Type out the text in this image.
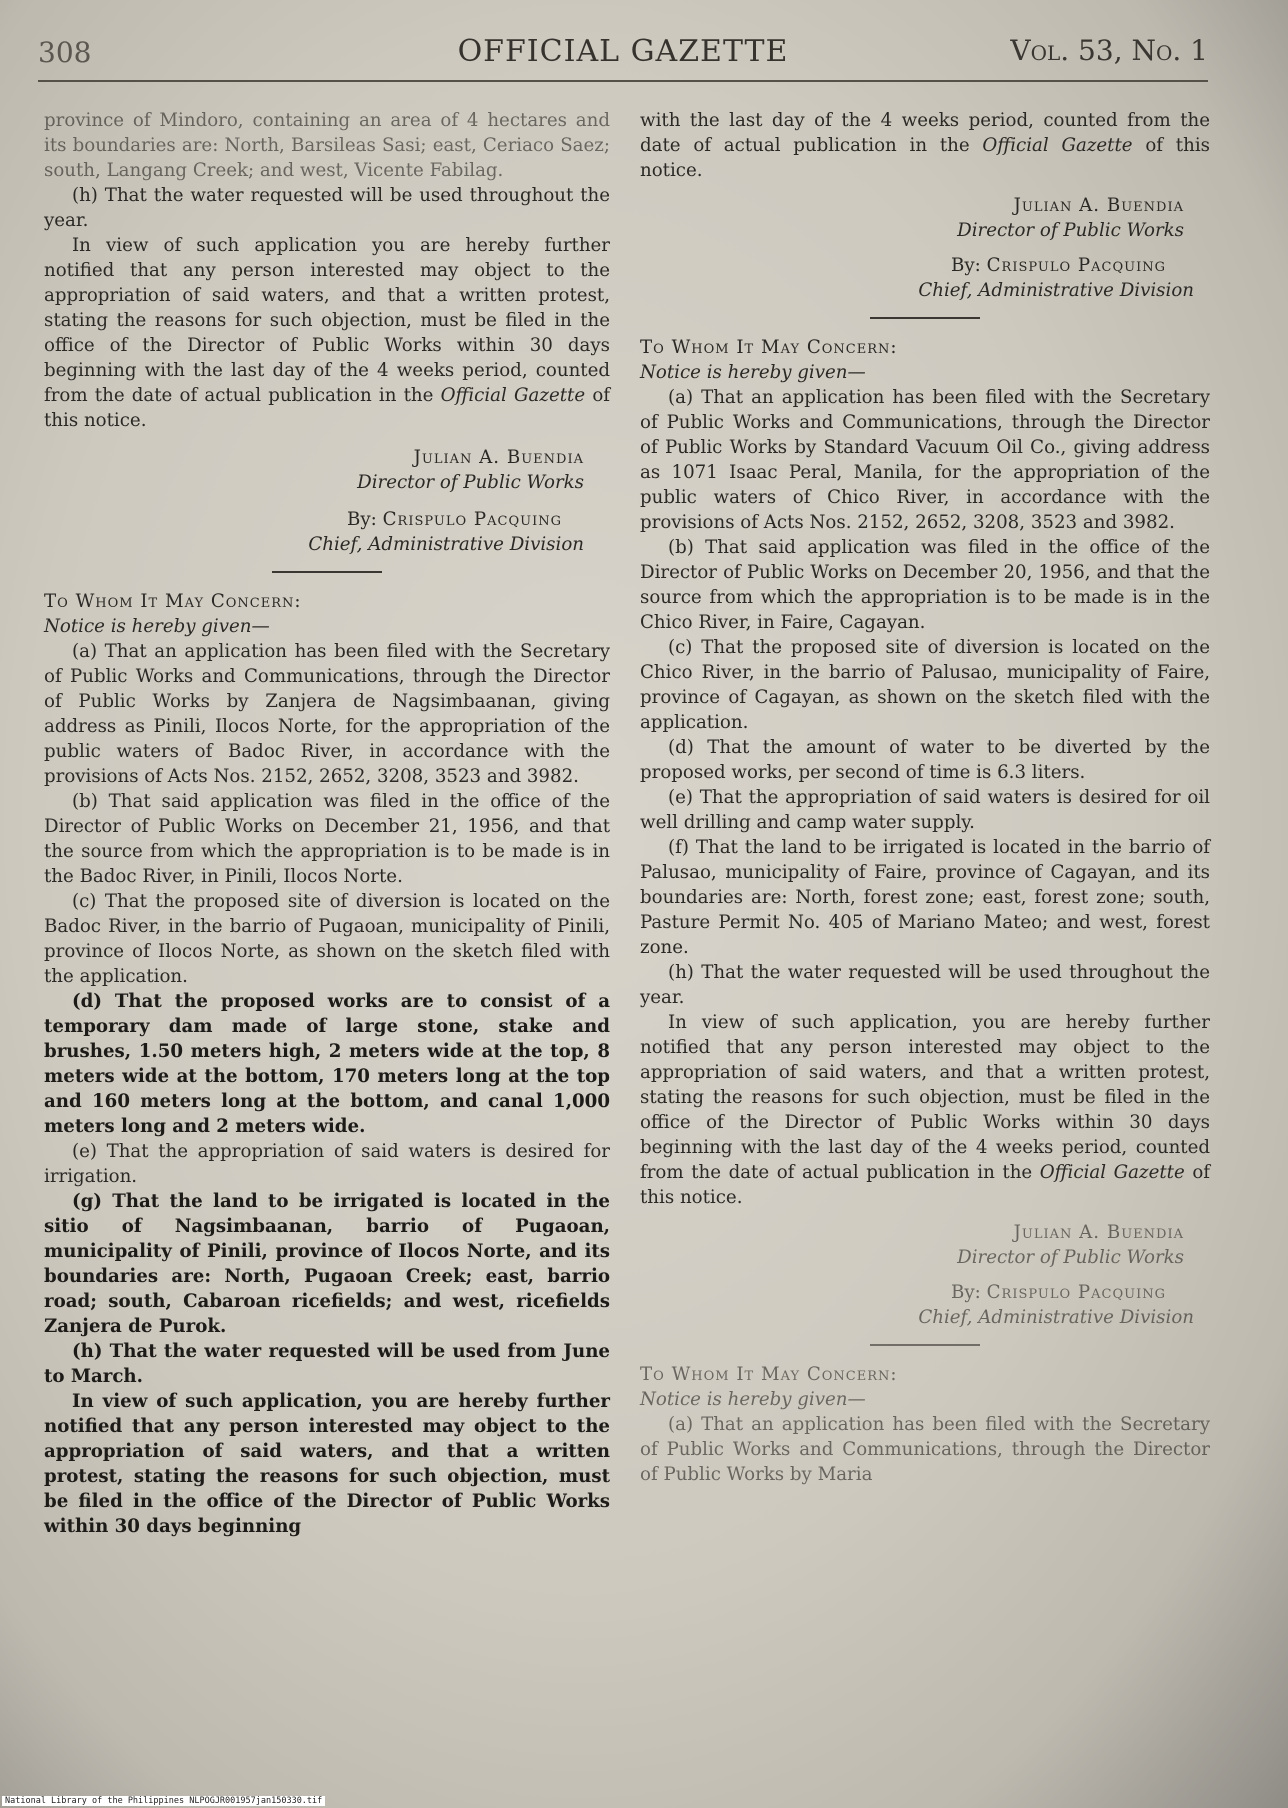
308	OFFICIAL GAZETTE	Vol. 53, No. 1

province of Mindoro, containing an area of 4 hectares and its boundaries are: North, Barsileas Sasi; east, Ceriaco Saez; south, Langang Creek; and west, Vicente Fabilag.

(h) That the water requested will be used throughout the year.

In view of such application you are hereby further notified that any person interested may object to the appropriation of said waters, and that a written protest, stating the reasons for such objection, must be filed in the office of the Director of Public Works within 30 days beginning with the last day of the 4 weeks period, counted from the date of actual publication in the Official Gazette of this notice.

Julian A. Buendia

Director of Public Works

By: Crispulo Pacquing

Chief, Administrative Division

To Whom It May Concern:

Notice is hereby given—

(a) That an application has been filed with the Secretary of Public Works and Communications, through the Director of Public Works by Zanjera de Nagsimbaanan, giving address as Pinili, Ilocos Norte, for the appropriation of the public waters of Badoc River, in accordance with the provisions of Acts Nos. 2152, 2652, 3208, 3523 and 3982.

(b) That said application was filed in the office of the Director of Public Works on December 21, 1956, and that the source from which the appropriation is to be made is in the Badoc River, in Pinili, Ilocos Norte.

(c) That the proposed site of diversion is located on the Badoc River, in the barrio of Pugaoan, municipality of Pinili, province of Ilocos Norte, as shown on the sketch filed with the application.

(d) That the proposed works are to consist of a temporary dam made of large stone, stake and brushes, 1.50 meters high, 2 meters wide at the top, 8 meters wide at the bottom, 170 meters long at the top and 160 meters long at the bottom, and canal 1,000 meters long and 2 meters wide.

(e) That the appropriation of said waters is desired for irrigation.

(g) That the land to be irrigated is located in the sitio of Nagsimbaanan, barrio of Pugaoan, municipality of Pinili, province of Ilocos Norte, and its boundaries are: North, Pugaoan Creek; east, barrio road; south, Cabaroan ricefields; and west, ricefields Zanjera de Purok.

(h) That the water requested will be used from June to March.

In view of such application, you are hereby further notified that any person interested may object to the appropriation of said waters, and that a written protest, stating the reasons for such objection, must be filed in the office of the Director of Public Works within 30 days beginning

with the last day of the 4 weeks period, counted from the date of actual publication in the Official Gazette of this notice.

Julian A. Buendia

Director of Public Works

By: Crispulo Pacquing

Chief, Administrative Division

To Whom It May Concern:

Notice is hereby given—

(a) That an application has been filed with the Secretary of Public Works and Communications, through the Director of Public Works by Standard Vacuum Oil Co., giving address as 1071 Isaac Peral, Manila, for the appropriation of the public waters of Chico River, in accordance with the provisions of Acts Nos. 2152, 2652, 3208, 3523 and 3982.

(b) That said application was filed in the office of the Director of Public Works on December 20, 1956, and that the source from which the appropriation is to be made is in the Chico River, in Faire, Cagayan.

(c) That the proposed site of diversion is located on the Chico River, in the barrio of Palusao, municipality of Faire, province of Cagayan, as shown on the sketch filed with the application.

(d) That the amount of water to be diverted by the proposed works, per second of time is 6.3 liters.

(e) That the appropriation of said waters is desired for oil well drilling and camp water supply.

(f) That the land to be irrigated is located in the barrio of Palusao, municipality of Faire, province of Cagayan, and its boundaries are: North, forest zone; east, forest zone; south, Pasture Permit No. 405 of Mariano Mateo; and west, forest zone.

(h) That the water requested will be used throughout the year.

In view of such application, you are hereby further notified that any person interested may object to the appropriation of said waters, and that a written protest, stating the reasons for such objection, must be filed in the office of the Director of Public Works within 30 days beginning with the last day of the 4 weeks period, counted from the date of actual publication in the Official Gazette of this notice.

Julian A. Buendia

Director of Public Works

By: Crispulo Pacquing

Chief, Administrative Division

To Whom It May Concern:

Notice is hereby given—

(a) That an application has been filed with the Secretary of Public Works and Communications, through the Director of Public Works by Maria

National Library of the Philippines NLPOGJR001957jan150330.tif
